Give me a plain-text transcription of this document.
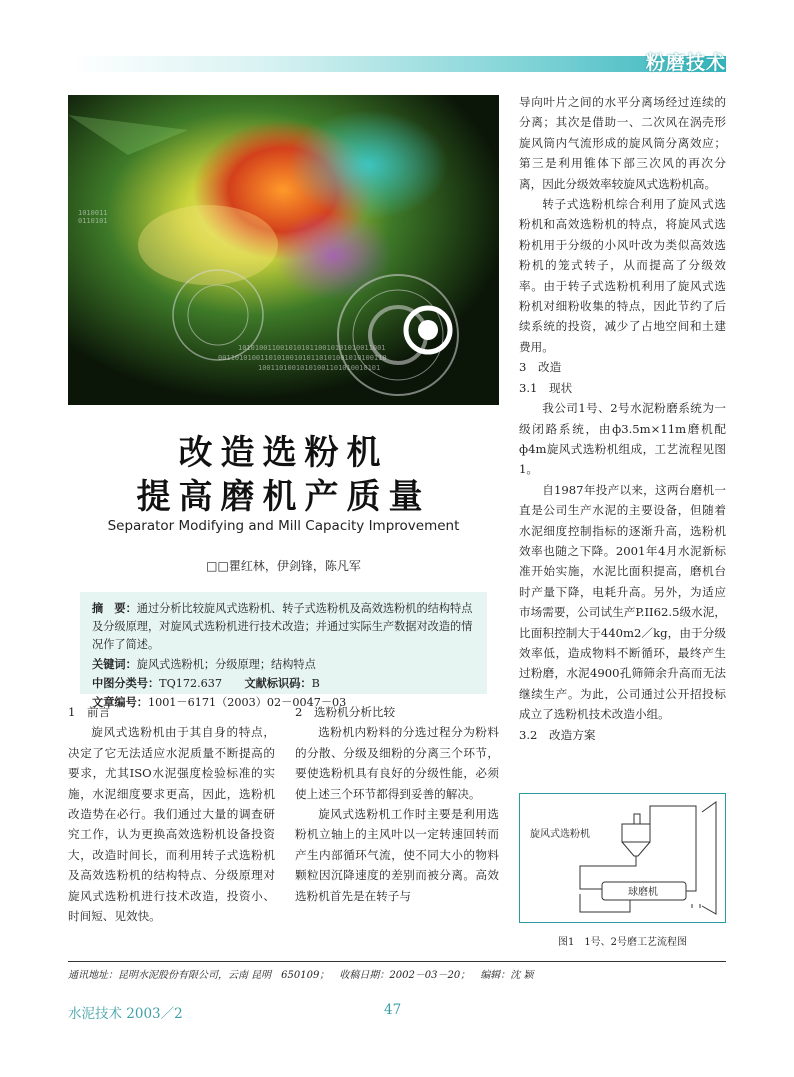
粉磨技术
10101001100101010110010101010011001
0011010100110101001010110101001010100110
10011010010101001101010010101
1010011
0110101
改造选粉机
提高磨机产质量
Separator Modifying and Mill Capacity Improvement
□□瞿红林，伊剑锋，陈凡军

摘　要：通过分析比较旋风式选粉机、转子式选粉机及高效选粉机的结构特点及分级原理，对旋风式选粉机进行技术改造；并通过实际生产数据对改造的情况作了简述。

关键词：旋风式选粉机；分级原理；结构特点

中图分类号：TQ172.637　　 文献标识码：B

文章编号：1001－6171（2003）02－0047－03

1　前言

旋风式选粉机由于其自身的特点，决定了它无法适应水泥质量不断提高的要求，尤其ISO水泥强度检验标准的实施，水泥细度要求更高，因此，选粉机改造势在必行。我们通过大量的调查研究工作，认为更换高效选粉机设备投资大，改造时间长，而利用转子式选粉机及高效选粉机的结构特点、分级原理对旋风式选粉机进行技术改造，投资小、时间短、见效快。

2　选粉机分析比较

选粉机内粉料的分选过程分为粉料的分散、分级及细粉的分离三个环节，要使选粉机具有良好的分级性能，必须使上述三个环节都得到妥善的解决。

旋风式选粉机工作时主要是利用选粉机立轴上的主风叶以一定转速回转而产生内部循环气流，使不同大小的物料颗粒因沉降速度的差别而被分离。高效选粉机首先是在转子与

导向叶片之间的水平分离场经过连续的分离；其次是借助一、二次风在涡壳形旋风筒内气流形成的旋风筒分离效应；第三是利用锥体下部三次风的再次分离，因此分级效率较旋风式选粉机高。

转子式选粉机综合利用了旋风式选粉机和高效选粉机的特点，将旋风式选粉机用于分级的小风叶改为类似高效选粉机的笼式转子，从而提高了分级效率。由于转子式选粉机利用了旋风式选粉机对细粉收集的特点，因此节约了后续系统的投资，减少了占地空间和土建费用。

3　改造

3.1　现状

我公司1号、2号水泥粉磨系统为一级闭路系统，由ф3.5m×11m磨机配ф4m旋风式选粉机组成，工艺流程见图1。

自1987年投产以来，这两台磨机一直是公司生产水泥的主要设备，但随着水泥细度控制指标的逐渐升高，选粉机效率也随之下降。2001年4月水泥新标准开始实施，水泥比面积提高，磨机台时产量下降，电耗升高。另外，为适应市场需要，公司试生产P.II62.5级水泥，比面积控制大于440m2／kg，由于分级效率低，造成物料不断循环，最终产生过粉磨，水泥4900孔筛筛余升高而无法继续生产。为此，公司通过公开招投标成立了选粉机技术改造小组。

3.2　改造方案

旋风式选粉机
球磨机
图1　1号、2号磨工艺流程图
通讯地址：昆明水泥股份有限公司，云南 昆明　650109；　收稿日期：2002－03－20；　编辑：沈 颖
水泥技术 2003／2	47
